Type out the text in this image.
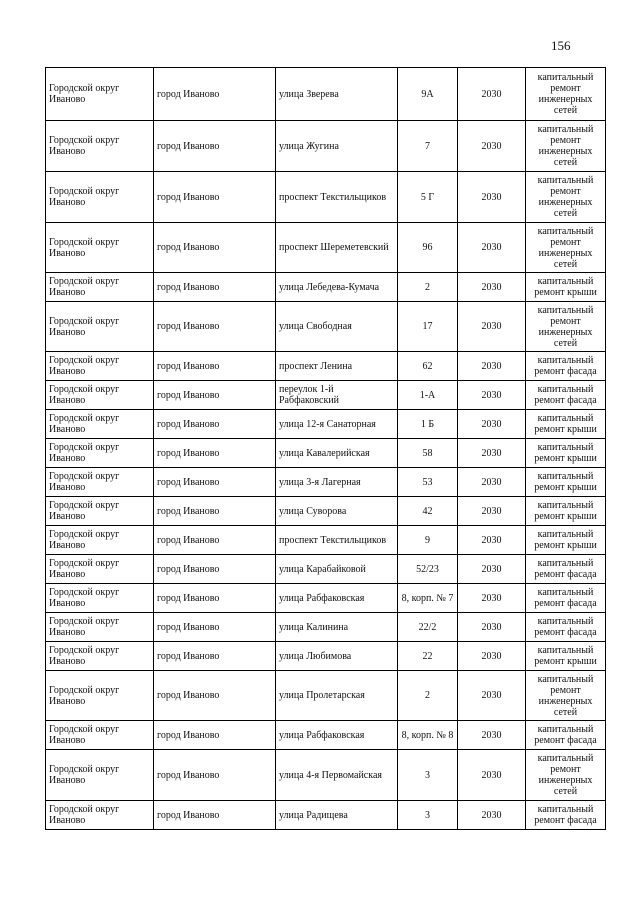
156
Городской округ Иваново	город Иваново	улица Зверева	9А	2030	капитальный ремонт инженерных сетей
Городской округ Иваново	город Иваново	улица Жугина	7	2030	капитальный ремонт инженерных сетей
Городской округ Иваново	город Иваново	проспект Текстильщиков	5 Г	2030	капитальный ремонт инженерных сетей
Городской округ Иваново	город Иваново	проспект Шереметевский	96	2030	капитальный ремонт инженерных сетей
Городской округ Иваново	город Иваново	улица Лебедева-Кумача	2	2030	капитальный ремонт крыши
Городской округ Иваново	город Иваново	улица Свободная	17	2030	капитальный ремонт инженерных сетей
Городской округ Иваново	город Иваново	проспект Ленина	62	2030	капитальный ремонт фасада
Городской округ Иваново	город Иваново	переулок 1-й Рабфаковский	1-А	2030	капитальный ремонт фасада
Городской округ Иваново	город Иваново	улица 12-я Санаторная	1 Б	2030	капитальный ремонт крыши
Городской округ Иваново	город Иваново	улица Кавалерийская	58	2030	капитальный ремонт крыши
Городской округ Иваново	город Иваново	улица 3-я Лагерная	53	2030	капитальный ремонт крыши
Городской округ Иваново	город Иваново	улица Суворова	42	2030	капитальный ремонт крыши
Городской округ Иваново	город Иваново	проспект Текстильщиков	9	2030	капитальный ремонт крыши
Городской округ Иваново	город Иваново	улица Карабайковой	52/23	2030	капитальный ремонт фасада
Городской округ Иваново	город Иваново	улица Рабфаковская	8, корп. № 7	2030	капитальный ремонт фасада
Городской округ Иваново	город Иваново	улица Калинина	22/2	2030	капитальный ремонт фасада
Городской округ Иваново	город Иваново	улица Любимова	22	2030	капитальный ремонт крыши
Городской округ Иваново	город Иваново	улица Пролетарская	2	2030	капитальный ремонт инженерных сетей
Городской округ Иваново	город Иваново	улица Рабфаковская	8, корп. № 8	2030	капитальный ремонт фасада
Городской округ Иваново	город Иваново	улица 4-я Первомайская	3	2030	капитальный ремонт инженерных сетей
Городской округ Иваново	город Иваново	улица Радищева	3	2030	капитальный ремонт фасада
